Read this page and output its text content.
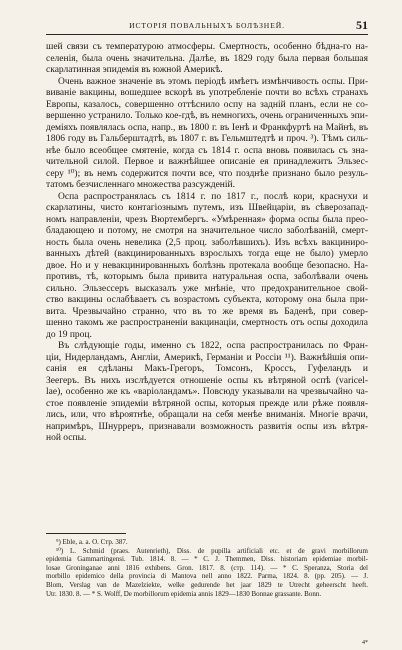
ИСТОРІЯ ПОВАЛЬНЫХЪ БОЛѢЗНЕЙ.	51
шей связи съ температурою атмосферы. Смертность, особенно бѣдна-го на-
селенія, была очень значительна. Далѣе, въ 1829 году была первая большая
скарлатинная эпидемія въ южной Америкѣ.
Очень важное значеніе въ этомъ періодѣ имѣетъ измѣнчивость оспы. При-
виваніе вакцины, вошедшее вскорѣ въ употребленіе почти во всѣхъ странахъ
Европы, казалось, совершенно оттѣснило оспу на задній планъ, если не со-
вершенно устранило. Только кое-гдѣ, въ немногихъ, очень ограниченныхъ эпи-
деміяхъ появлялась оспа, напр., въ 1800 г. въ Іенѣ и Франкфуртѣ на Майнѣ, въ
1806 году въ Гальберштадтѣ, въ 1807 г. въ Гельмштедтѣ и проч. ³). Тѣмъ силь-
нѣе было всеобщее смятеніе, когда съ 1814 г. оспа вновь появилась съ зна-
чительной силой. Первое и важнѣйшее описаніе ея принадлежитъ Эльзес-
серу ¹⁰); въ немъ содержится почти все, что позднѣе признано было резуль-
татомъ безчисленнаго множества разсужденій.
Оспа распространялась съ 1814 г. по 1817 г., послѣ кори, краснухи и
скарлатины, чисто контагіознымъ путемъ, изъ Швейцаріи, въ сѣверозапад-
номъ направленіи, чрезъ Вюртембергъ. «Умѣренная» форма оспы была прео-
бладающею и потому, не смотря на значительное число заболѣваній, смерт-
ность была очень невелика (2,5 проц. заболѣвшихъ). Изъ всѣхъ вакциниро-
ванныхъ дѣтей (вакцинированныхъ взрослыхъ тогда еще не было) умерло
двое. Но и у невакцинированныхъ болѣзнь протекала вообще безопасно. На-
противъ, тѣ, которымъ была привита натуральная оспа, заболѣвали очень
сильно. Эльзессеръ высказалъ уже мнѣніе, что предохранительное свой-
ство вакцины ослабѣваетъ съ возрастомъ субъекта, которому она была при-
вита. Чрезвычайно странно, что въ то же время въ Баденѣ, при совер-
шенно такомъ же распространеніи вакцинаціи, смертность отъ оспы доходила
до 19 проц.
Въ слѣдующіе годы, именно съ 1822, оспа распространилась по Фран-
ціи, Нидерландамъ, Англіи, Америкѣ, Германіи и Россіи ¹¹). Важнѣйшія опи-
санія ея сдѣланы Макъ-Грегоръ, Томсонъ, Кроссъ, Гуфеландъ и
Зеегеръ. Въ нихъ изслѣдуется отношеніе оспы къ вѣтряной оспѣ (varicel-
lae), особенно же къ «варіоландамъ». Повсюду указывали на чрезвычайно ча-
стое появленіе эпидеміи вѣтряной оспы, которыя прежде или рѣже появля-
лись, или, что вѣроятнѣе, обращали на себя менѣе вниманія. Многіе врачи,
напримѣръ, Шнурреръ, признавали возможность развитія оспы изъ вѣтря-
ной оспы.
⁹) Eble, a. a. O. Стр. 387.
¹⁰) L. Schmid (praes. Autenrieth), Diss. de pupilla artificiali etc. et de gravi morbillorum
epidemia Gammartingensi. Tub. 1814. 8. — * C. J. Themmen, Diss. historiam epidemiae morbil-
losae Groninganae anni 1816 exhibens. Gron. 1817. 8. (стр. 114). — * C. Speranza, Storia del
morbillo epidemico della provincia di Mantova nell anno 1822. Parma, 1824. 8. (pp. 205). — J.
Blom, Verslag van de Mazelziekte, welke gedurende het jaar 1829 te Utrecht geheerscht heeft.
Utr. 1830. 8. — * S. Wolff, De morbillorum epidemia annis 1829—1830 Bonnae grassante. Bonn.
4*
